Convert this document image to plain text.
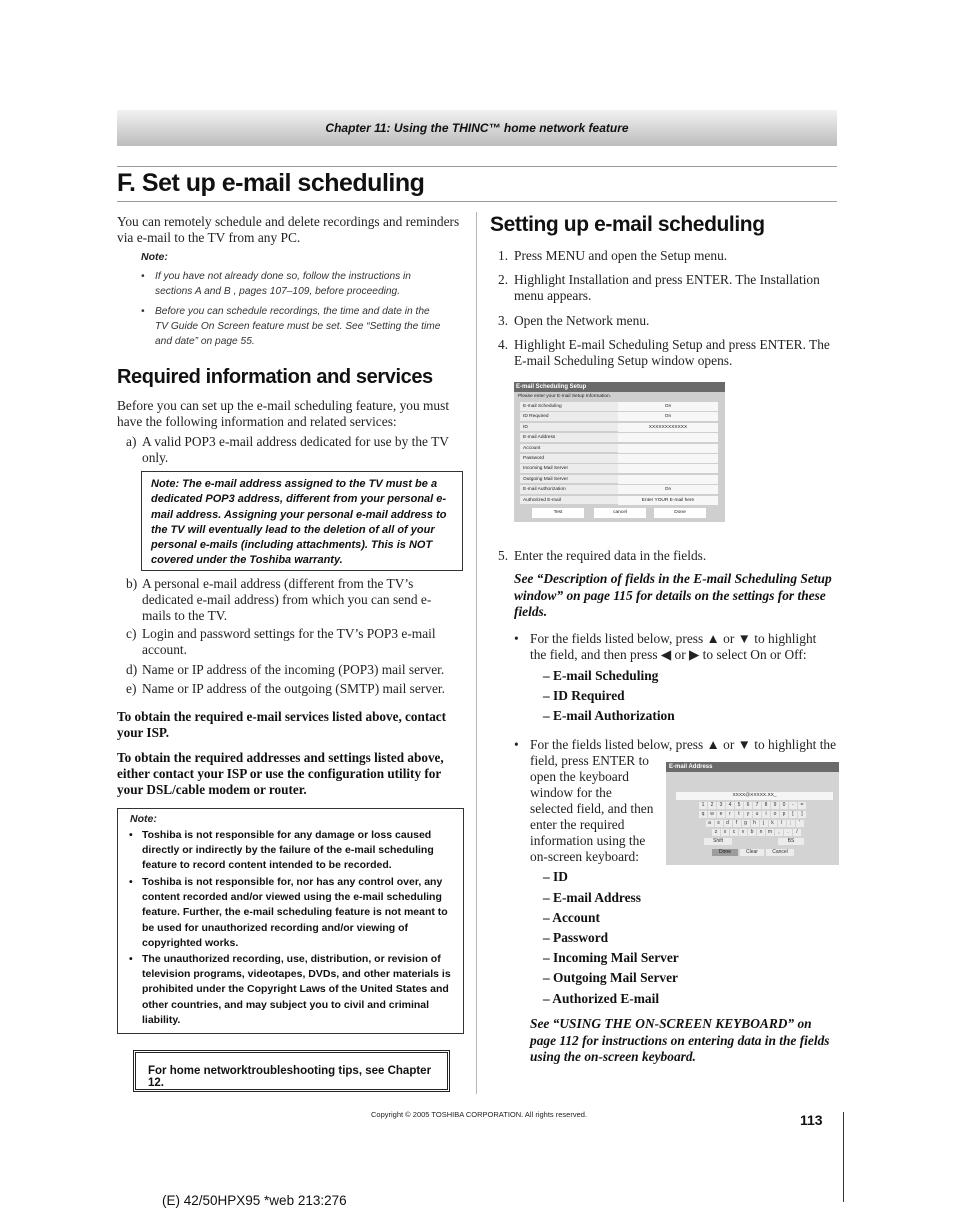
Chapter 11: Using the THINC™ home network feature
F. Set up e-mail scheduling
You can remotely schedule and delete recordings and reminders via e-mail to the TV from any PC.
Note:
• If you have not already done so, follow the instructions in sections A and B , pages 107–109, before proceeding.
• Before you can schedule recordings, the time and date in the TV Guide On Screen feature must be set. See “Setting the time and date” on page 55.
Required information and services
Before you can set up the e-mail scheduling feature, you must have the following information and related services:
a) A valid POP3 e-mail address dedicated for use by the TV only.
Note: The e-mail address assigned to the TV must be a dedicated POP3 address, different from your personal e-mail address. Assigning your personal e-mail address to the TV will eventually lead to the deletion of all of your personal e-mails (including attachments). This is NOT covered under the Toshiba warranty.
b) A personal e-mail address (different from the TV’s dedicated e-mail address) from which you can send e-mails to the TV.
c) Login and password settings for the TV’s POP3 e-mail account.
d) Name or IP address of the incoming (POP3) mail server.
e) Name or IP address of the outgoing (SMTP) mail server.
To obtain the required e-mail services listed above, contact your ISP.
To obtain the required addresses and settings listed above, either contact your ISP or use the configuration utility for your DSL/cable modem or router.
Note:
• Toshiba is not responsible for any damage or loss caused directly or indirectly by the failure of the e-mail scheduling feature to record content intended to be recorded.
• Toshiba is not responsible for, nor has any control over, any content recorded and/or viewed using the e-mail scheduling feature. Further, the e-mail scheduling feature is not meant to be used for unauthorized recording and/or viewing of copyrighted works.
• The unauthorized recording, use, distribution, or revision of television programs, videotapes, DVDs, and other materials is prohibited under the Copyright Laws of the United States and other countries, and may subject you to civil and criminal liability.
For home networktroubleshooting tips, see Chapter 12.
Setting up e-mail scheduling
1. Press MENU and open the Setup menu.
2. Highlight Installation and press ENTER. The Installation menu appears.
3. Open the Network menu.
4. Highlight E-mail Scheduling Setup and press ENTER. The E-mail Scheduling Setup window opens.
E-mail Scheduling Setup
Please enter your E-mail Setup Information.
E-mail Scheduling	On
ID Required	On
ID	XXXXXXXXXXXX
E-mail Address
Account
Password
Incoming Mail Server
Outgoing Mail Server
E-mail Authorization	On
Authorized E-mail	Enter YOUR E-mail here
Test	cancel	Done
5. Enter the required data in the fields.
See “Description of fields in the E-mail Scheduling Setup window” on page 115 for details on the settings for these fields.
• For the fields listed below, press ▲ or ▼ to highlight the field, and then press ◀ or ▶ to select On or Off:
– E-mail Scheduling
– ID Required
– E-mail Authorization
• For the fields listed below, press ▲ or ▼ to highlight the
field, press ENTER to
open the keyboard
window for the
selected field, and then
enter the required
information using the
on-screen keyboard:
E-mail Address
XXXX@XXXXX.XX_
1 2 3 4 5 6 7 8 9 0 - =
q w e r t y u i o p [ ]
a s d f g h j k l ; '
z x c v b n m , . /
Shift	BS
Done	Clear	Cancel
– ID
– E-mail Address
– Account
– Password
– Incoming Mail Server
– Outgoing Mail Server
– Authorized E-mail
See “USING THE ON-SCREEN KEYBOARD” on page 112 for instructions on entering data in the fields using the on-screen keyboard.
Copyright © 2005 TOSHIBA CORPORATION. All rights reserved.	113
(E) 42/50HPX95 *web 213:276
